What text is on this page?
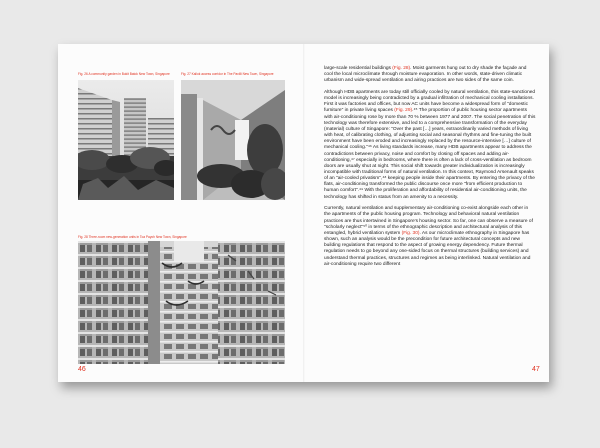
Fig. 26 A community garden in Bukit Batok New Town, Singapore	Fig. 27 Kallok access corridor in The Pavilli New Town, Singapore
Fig. 28 Three-room new-generation units in Toa Payoh New Town, Singapore
46

large-scale residential buildings (Fig. 28). Moist garments hung out to dry shade the façade and cool the local microclimate through moisture evaporation. In other words, state-driven climatic urbanism and wide-spread ventilation and airing practices are two sides of the same coin.

Although HDB apartments are today still officially cooled by natural ventilation, this state-sanctioned model is increasingly being contradicted by a gradual infiltration of mechanical cooling installations. First it was factories and offices, but now AC units have become a widespread form of "domestic furniture" in private living spaces (Fig. 29).⁴⁵ The proportion of public housing sector apartments with air-conditioning rose by more than 70 % between 1977 and 2007. The social penetration of this technology was therefore extensive, and led to a comprehensive transformation of the everyday (material) culture of Singapore: "Over the past […] years, extraordinarily varied methods of living with heat, of calibrating clothing, of adjusting social and seasonal rhythms and fine-tuning the built environment have been eroded and increasingly replaced by the resource-intensive […] culture of mechanical cooling."⁴⁶ As living standards increase, many HDB apartments appear to address the contradictions between privacy, noise and comfort by closing off spaces and adding air-conditioning,⁴⁷ especially in bedrooms, where there is often a lack of cross-ventilation as bedroom doors are usually shut at night. This social shift towards greater individualization is increasingly incompatible with traditional forms of natural ventilation. In this context, Raymond Arsenault speaks of an "air-cooled privatism",⁴⁸ keeping people inside their apartments. By entering the privacy of the flats, air-conditioning transformed the public discourse once more "from efficient production to human comfort".⁴⁹ With the proliferation and affordability of residential air-conditioning units, the technology has shifted in status from an amenity to a necessity.

Currently, natural ventilation and supplementary air-conditioning co-exist alongside each other in the apartments of the public housing program. Technology and behavioral natural ventilation practices are thus intertwined in Singapore's housing sector. So far, one can observe a measure of "scholarly neglect"⁵⁰ in terms of the ethnographic description and architectural analysis of this entangled, hybrid ventilation system (Fig. 30). As our microclimate ethnography in Singapore has shown, such an analysis would be the precondition for future architectural concepts and new building regulations that respond to the aspect of growing energy dependency. Future thermal regulation needs to go beyond any one-sided focus on thermal structures (building services) and understand thermal practices, structures and regimes as being interlinked. Natural ventilation and air-conditioning require two different

47
